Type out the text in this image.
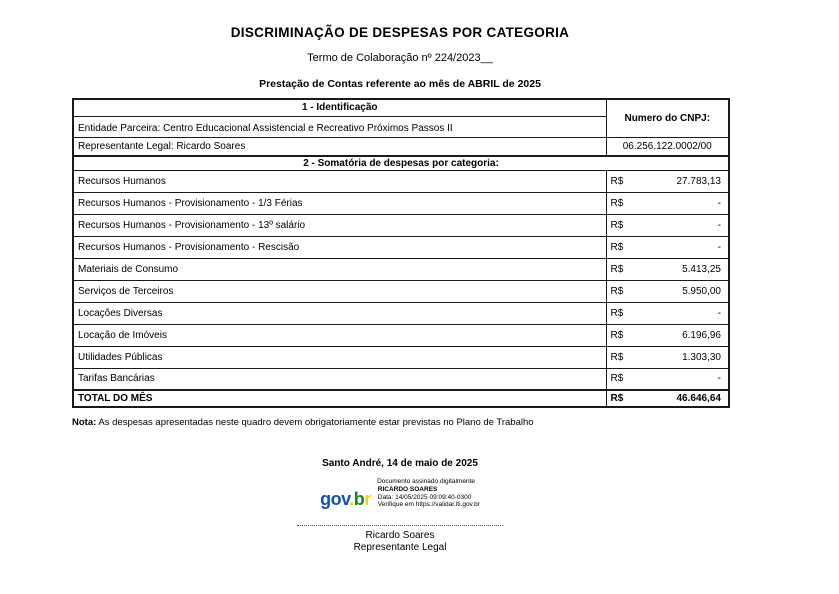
DISCRIMINAÇÃO DE DESPESAS POR CATEGORIA
Termo de Colaboração nº 224/2023__
Prestação de Contas referente ao mês de ABRIL de 2025
1 - Identificação	Numero do CNPJ:
Entidade Parceira: Centro Educacional Assistencial e Recreativo Próximos Passos II	
Representante Legal: Ricardo Soares	06.256.122.0002/00
2 - Somatória de despesas por categoria:	
Recursos Humanos	R$ 27.783,13

Recursos Humanos - Provisionamento - 1/3 Férias	R$ -

Recursos Humanos - Provisionamento - 13º salário	R$ -

Recursos Humanos - Provisionamento - Rescisão	R$ -

Materiais de Consumo	R$ 5.413,25

Serviços de Terceiros	R$ 5.950,00

Locações Diversas	R$ -

Locação de Imóveis	R$ 6.196,96

Utilidades Públicas	R$ 1.303,30

Tarifas Bancárias	R$ -

TOTAL DO MÊS	R$ 46.646,64
Nota: As despesas apresentadas neste quadro devem obrigatoriamente estar previstas no Plano de Trabalho
Santo André, 14 de maio de 2025
Documento assinado digitalmente
gov.br RICARDO SOARES
Data: 14/05/2025 09:09:40-0300
Verifique em https://validar.iti.gov.br
Ricardo Soares
Representante Legal
